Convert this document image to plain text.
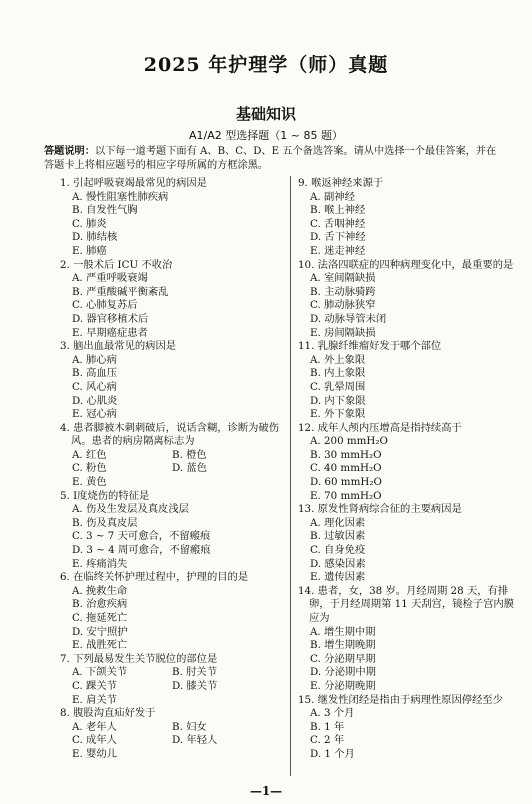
2025 年护理学（师）真题
基础知识
A1/A2 型选择题（1 ~ 85 题）
答题说明：以下每一道考题下面有 A、B、C、D、E 五个备选答案。请从中选择一个最佳答案，并在答题卡上将相应题号的相应字母所属的方框涂黑。
1. 引起呼吸衰竭最常见的病因是
A. 慢性阻塞性肺疾病
B. 自发性气胸
C. 肺炎
D. 肺结核
E. 肺癌
2. 一般术后 ICU 不收治
A. 严重呼吸衰竭
B. 严重酸碱平衡紊乱
C. 心肺复苏后
D. 器官移植术后
E. 早期癌症患者
3. 脑出血最常见的病因是
A. 肺心病
B. 高血压
C. 风心病
D. 心肌炎
E. 冠心病
4. 患者脚被木刺刺破后，说话含糊，诊断为破伤风。患者的病房隔离标志为
A. 红色	B. 橙色
C. 粉色	D. 蓝色
E. 黄色
5. Ⅰ度烧伤的特征是
A. 伤及生发层及真皮浅层
B. 伤及真皮层
C. 3 ~ 7 天可愈合，不留瘢痕
D. 3 ~ 4 周可愈合，不留瘢痕
E. 疼痛消失
6. 在临终关怀护理过程中，护理的目的是
A. 挽救生命
B. 治愈疾病
C. 拖延死亡
D. 安宁照护
E. 战胜死亡
7. 下列最易发生关节脱位的部位是
A. 下颌关节	B. 肘关节
C. 踝关节	D. 膝关节
E. 肩关节
8. 腹股沟直疝好发于
A. 老年人	B. 妇女
C. 成年人	D. 年轻人
E. 婴幼儿
9. 喉返神经来源于
A. 副神经
B. 喉上神经
C. 舌咽神经
D. 舌下神经
E. 迷走神经
10. 法洛四联症的四种病理变化中，最重要的是
A. 室间隔缺损
B. 主动脉骑跨
C. 肺动脉狭窄
D. 动脉导管未闭
E. 房间隔缺损
11. 乳腺纤维瘤好发于哪个部位
A. 外上象限
B. 内上象限
C. 乳晕周围
D. 内下象限
E. 外下象限
12. 成年人颅内压增高是指持续高于
A. 200 mmH₂O
B. 30 mmH₂O
C. 40 mmH₂O
D. 60 mmH₂O
E. 70 mmH₂O
13. 原发性肾病综合征的主要病因是
A. 理化因素
B. 过敏因素
C. 自身免疫
D. 感染因素
E. 遗传因素
14. 患者，女，38 岁。月经周期 28 天，有排卵，于月经周期第 11 天刮宫，镜检子宫内膜应为
A. 增生期中期
B. 增生期晚期
C. 分泌期早期
D. 分泌期中期
E. 分泌期晚期
15. 继发性闭经是指由于病理性原因停经至少
A. 3 个月
B. 1 年
C. 2 年
D. 1 个月
—1—
